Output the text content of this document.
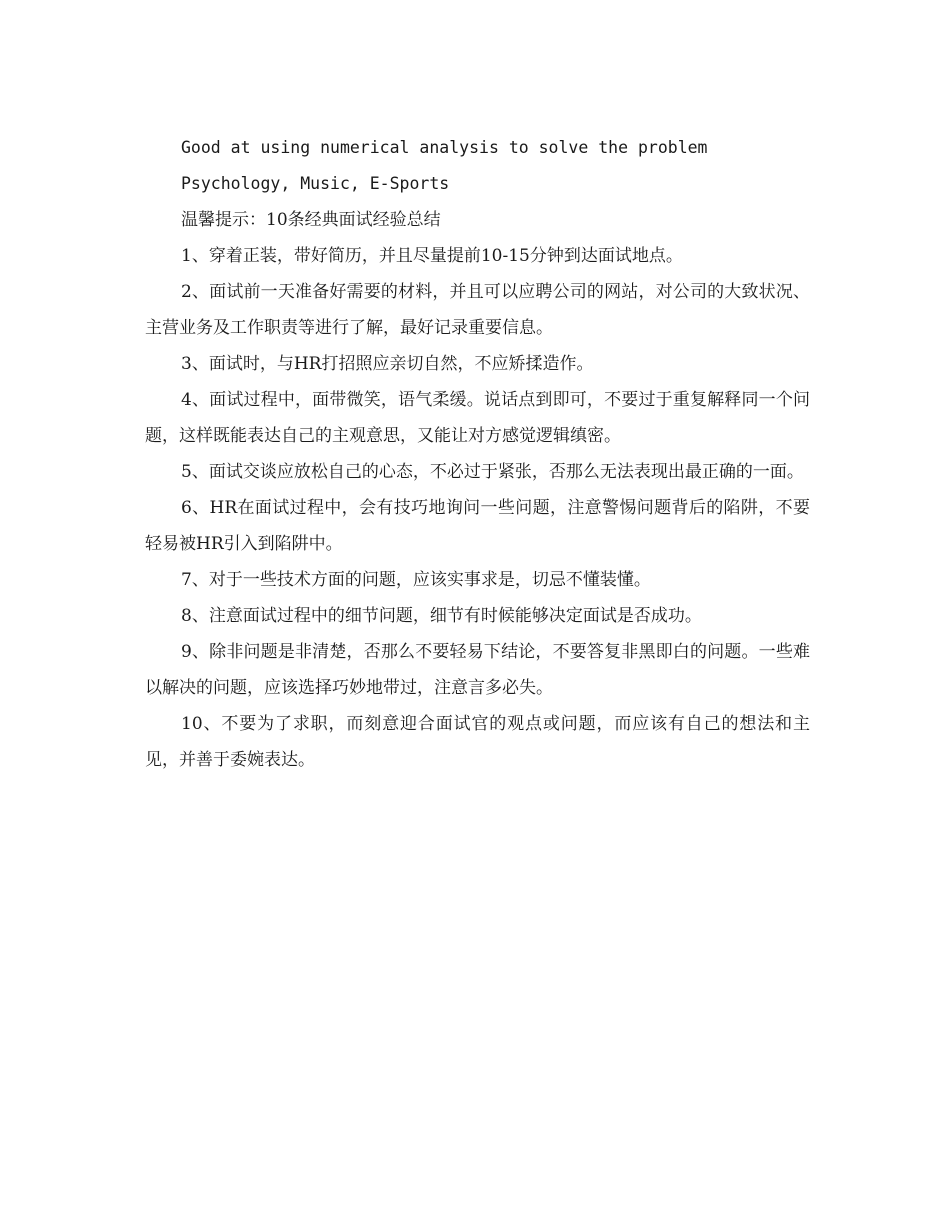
Good at using numerical analysis to solve the problem

Psychology, Music, E-Sports

温馨提示：10条经典面试经验总结

1、穿着正装，带好简历，并且尽量提前10-15分钟到达面试地点。

2、面试前一天准备好需要的材料，并且可以应聘公司的网站，对公司的大致状况、主营业务及工作职责等进行了解，最好记录重要信息。

3、面试时，与HR打招照应亲切自然，不应矫揉造作。

4、面试过程中，面带微笑，语气柔缓。说话点到即可，不要过于重复解释同一个问题，这样既能表达自己的主观意思，又能让对方感觉逻辑缜密。

5、面试交谈应放松自己的心态，不必过于紧张，否那么无法表现出最正确的一面。

6、HR在面试过程中，会有技巧地询问一些问题，注意警惕问题背后的陷阱，不要轻易被HR引入到陷阱中。

7、对于一些技术方面的问题，应该实事求是，切忌不懂装懂。

8、注意面试过程中的细节问题，细节有时候能够决定面试是否成功。

9、除非问题是非清楚，否那么不要轻易下结论，不要答复非黑即白的问题。一些难以解决的问题，应该选择巧妙地带过，注意言多必失。

10、不要为了求职，而刻意迎合面试官的观点或问题，而应该有自己的想法和主见，并善于委婉表达。
